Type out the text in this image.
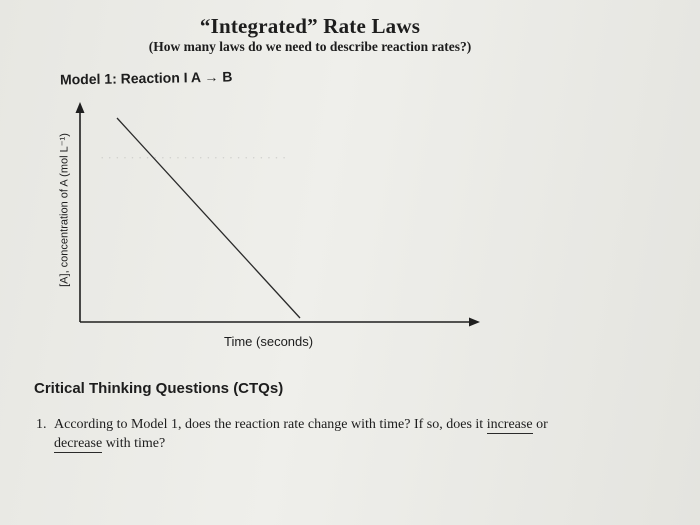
· · · · · · · · · · · · · · · · · · · · · · · · ·
“Integrated” Rate Laws
(How many laws do we need to describe reaction rates?)
Model 1: Reaction I A → B
[A], concentration of A (mol L⁻¹)
Time (seconds)
Critical Thinking Questions (CTQs)
1. According to Model 1, does the reaction rate change with time? If so, does it increase or
decrease with time?
